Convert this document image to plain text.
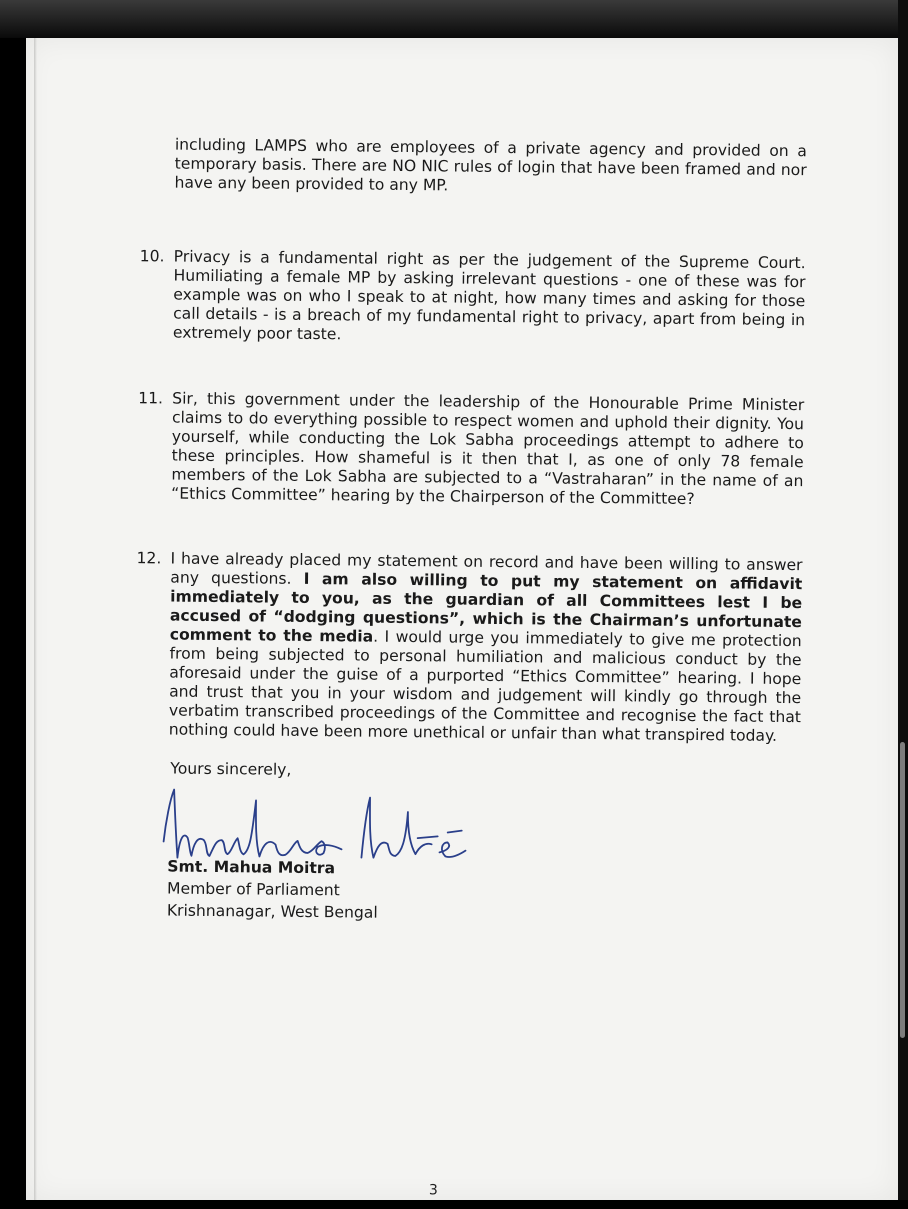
including LAMPS who are employees of a private agency and provided on a temporary basis. There are NO NIC rules of login that have been framed and nor have any been provided to any MP.

10. Privacy is a fundamental right as per the judgement of the Supreme Court. Humiliating a female MP by asking irrelevant questions - one of these was for example was on who I speak to at night, how many times and asking for those call details - is a breach of my fundamental right to privacy, apart from being in extremely poor taste.
11. Sir, this government under the leadership of the Honourable Prime Minister claims to do everything possible to respect women and uphold their dignity. You yourself, while conducting the Lok Sabha proceedings attempt to adhere to these principles. How shameful is it then that I, as one of only 78 female members of the Lok Sabha are subjected to a “Vastraharan” in the name of an “Ethics Committee” hearing by the Chairperson of the Committee?
12. I have already placed my statement on record and have been willing to answer any questions. I am also willing to put my statement on affidavit immediately to you, as the guardian of all Committees lest I be accused of “dodging questions”, which is the Chairman’s unfortunate comment to the media. I would urge you immediately to give me protection from being subjected to personal humiliation and malicious conduct by the aforesaid under the guise of a purported “Ethics Committee” hearing. I hope and trust that you in your wisdom and judgement will kindly go through the verbatim transcribed proceedings of the Committee and recognise the fact that nothing could have been more unethical or unfair than what transpired today.
Yours sincerely,
Smt. Mahua Moitra
Member of Parliament
Krishnanagar, West Bengal
3
